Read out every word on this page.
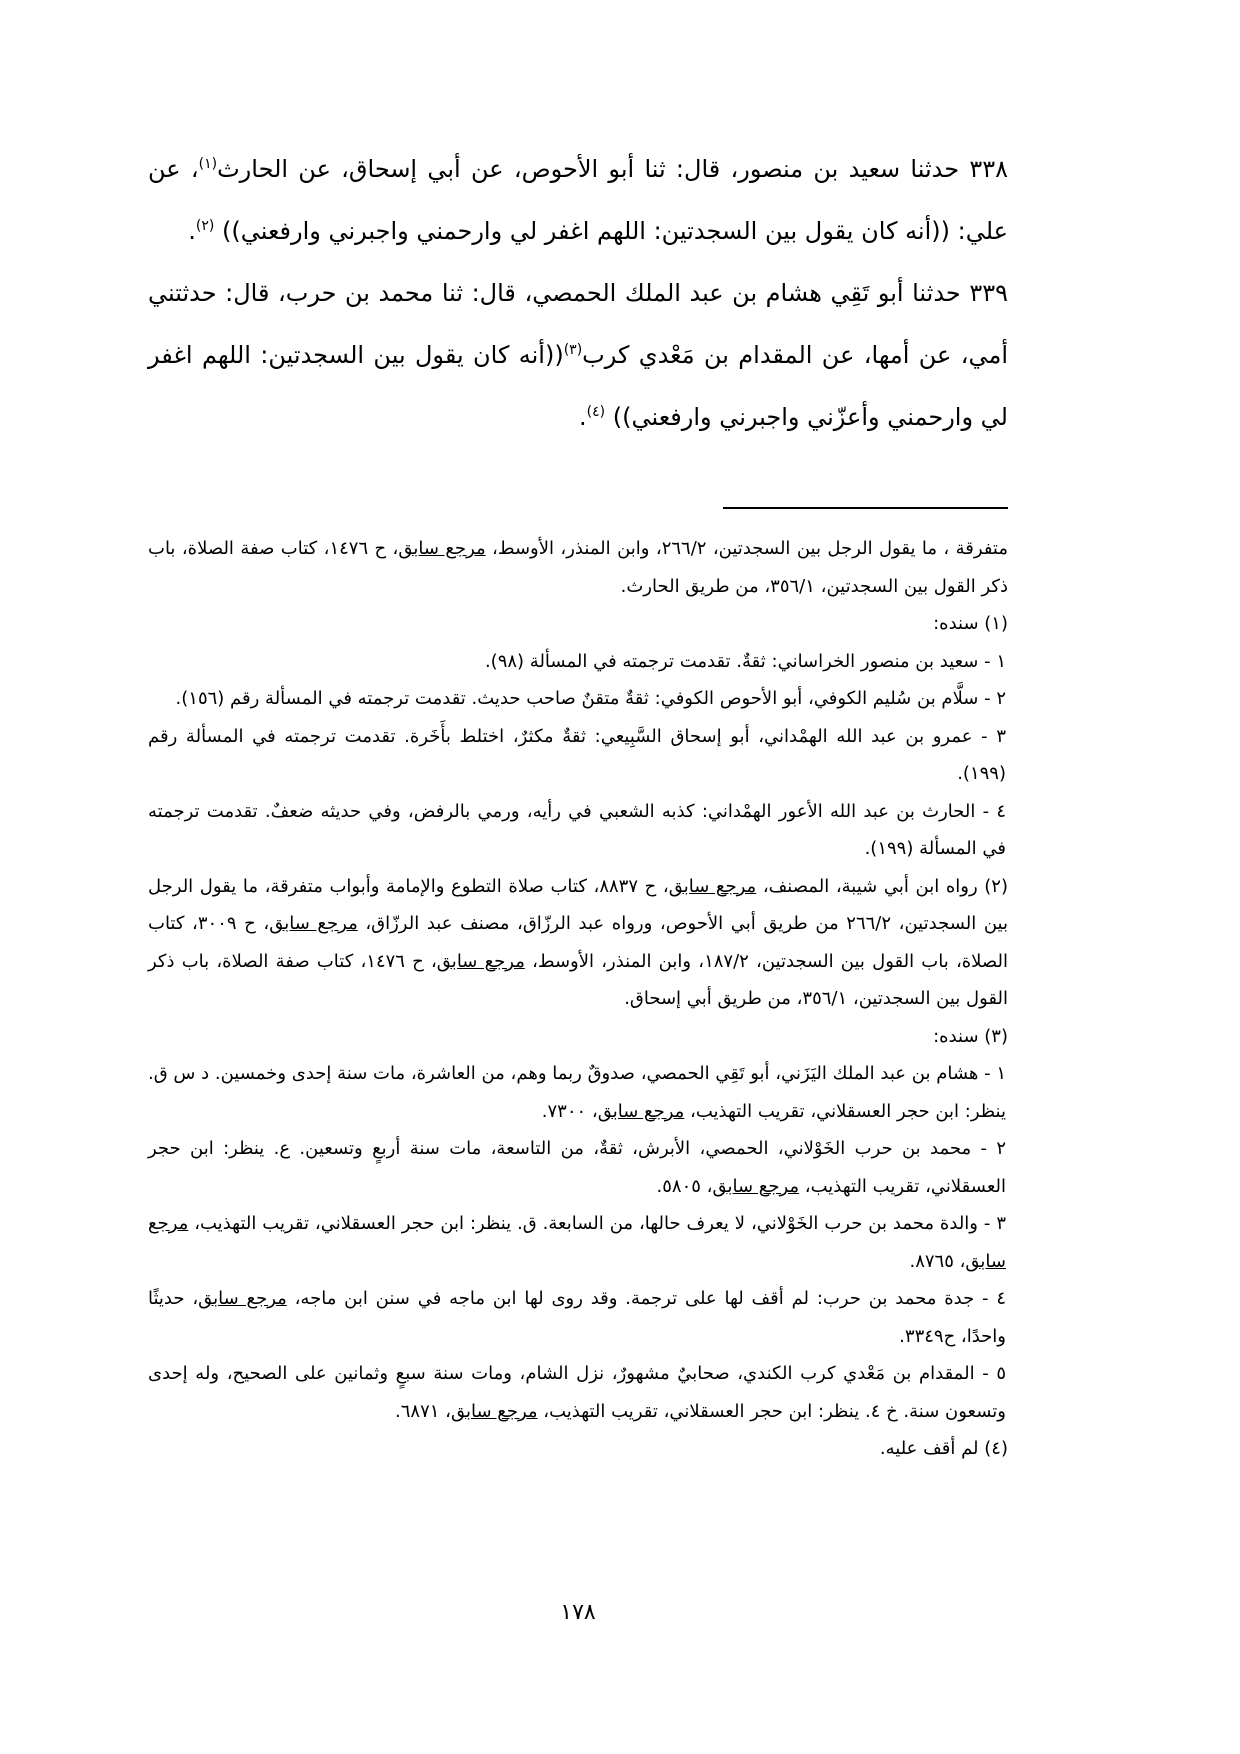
٣٣٨ حدثنا سعيد بن منصور، قال: ثنا أبو الأحوص، عن أبي إسحاق، عن الحارث$^{(١)}$، عن علي: ((أنه كان يقول بين السجدتين: اللهم اغفر لي وارحمني واجبرني وارفعني)) $^{(٢)}$.

٣٣٩ حدثنا أبو تَقِي هشام بن عبد الملك الحمصي، قال: ثنا محمد بن حرب، قال: حدثتني أمي، عن أمها، عن المقدام بن مَعْدي كرب$^{(٣)}$((أنه كان يقول بين السجدتين: اللهم اغفر لي وارحمني وأعزّني واجبرني وارفعني)) $^{(٤)}$.

متفرقة ، ما يقول الرجل بين السجدتين، ٢٦٦/٢، وابن المنذر، الأوسط، مرجع سابق، ح ١٤٧٦، كتاب صفة الصلاة، باب ذكر القول بين السجدتين، ٣٥٦/١، من طريق الحارث.

(١) سنده:

١ - سعيد بن منصور الخراساني: ثقةٌ. تقدمت ترجمته في المسألة (٩٨).

٢ - سلَّام بن سُليم الكوفي، أبو الأحوص الكوفي: ثقةٌ متقنٌ صاحب حديث. تقدمت ترجمته في المسألة رقم (١٥٦).

٣ - عمرو بن عبد الله الهمْداني، أبو إسحاق السَّبِيعي: ثقةٌ مكثرٌ، اختلط بأَخَرة. تقدمت ترجمته في المسألة رقم (١٩٩).

٤ - الحارث بن عبد الله الأعور الهمْداني: كذبه الشعبي في رأيه، ورمي بالرفض، وفي حديثه ضعفٌ. تقدمت ترجمته في المسألة (١٩٩).

(٢) رواه ابن أبي شيبة، المصنف، مرجع سابق، ح ٨٨٣٧، كتاب صلاة التطوع والإمامة وأبواب متفرقة، ما يقول الرجل بين السجدتين، ٢٦٦/٢ من طريق أبي الأحوص، ورواه عبد الرزّاق، مصنف عبد الرزّاق، مرجع سابق، ح ٣٠٠٩، كتاب الصلاة، باب القول بين السجدتين، ١٨٧/٢، وابن المنذر، الأوسط، مرجع سابق، ح ١٤٧٦، كتاب صفة الصلاة، باب ذكر القول بين السجدتين، ٣٥٦/١، من طريق أبي إسحاق.

(٣) سنده:

١ - هشام بن عبد الملك اليَزَني، أبو تَقِي الحمصي، صدوقٌ ربما وهم، من العاشرة، مات سنة إحدى وخمسين. د س ق. ينظر: ابن حجر العسقلاني، تقريب التهذيب، مرجع سابق، ٧٣٠٠.

٢ - محمد بن حرب الخَوْلاني، الحمصي، الأبرش، ثقةٌ، من التاسعة، مات سنة أربعٍ وتسعين. ع. ينظر: ابن حجر العسقلاني، تقريب التهذيب، مرجع سابق، ٥٨٠٥.

٣ - والدة محمد بن حرب الخَوْلاني، لا يعرف حالها، من السابعة. ق. ينظر: ابن حجر العسقلاني، تقريب التهذيب، مرجع سابق، ٨٧٦٥.

٤ - جدة محمد بن حرب: لم أقف لها على ترجمة. وقد روى لها ابن ماجه في سنن ابن ماجه، مرجع سابق، حديثًا واحدًا، ح٣٣٤٩.

٥ - المقدام بن مَعْدي كرب الكندي، صحابيٌ مشهورٌ، نزل الشام، ومات سنة سبعٍ وثمانين على الصحيح، وله إحدى وتسعون سنة. خ ٤. ينظر: ابن حجر العسقلاني، تقريب التهذيب، مرجع سابق، ٦٨٧١.

(٤) لم أقف عليه.

١٧٨
